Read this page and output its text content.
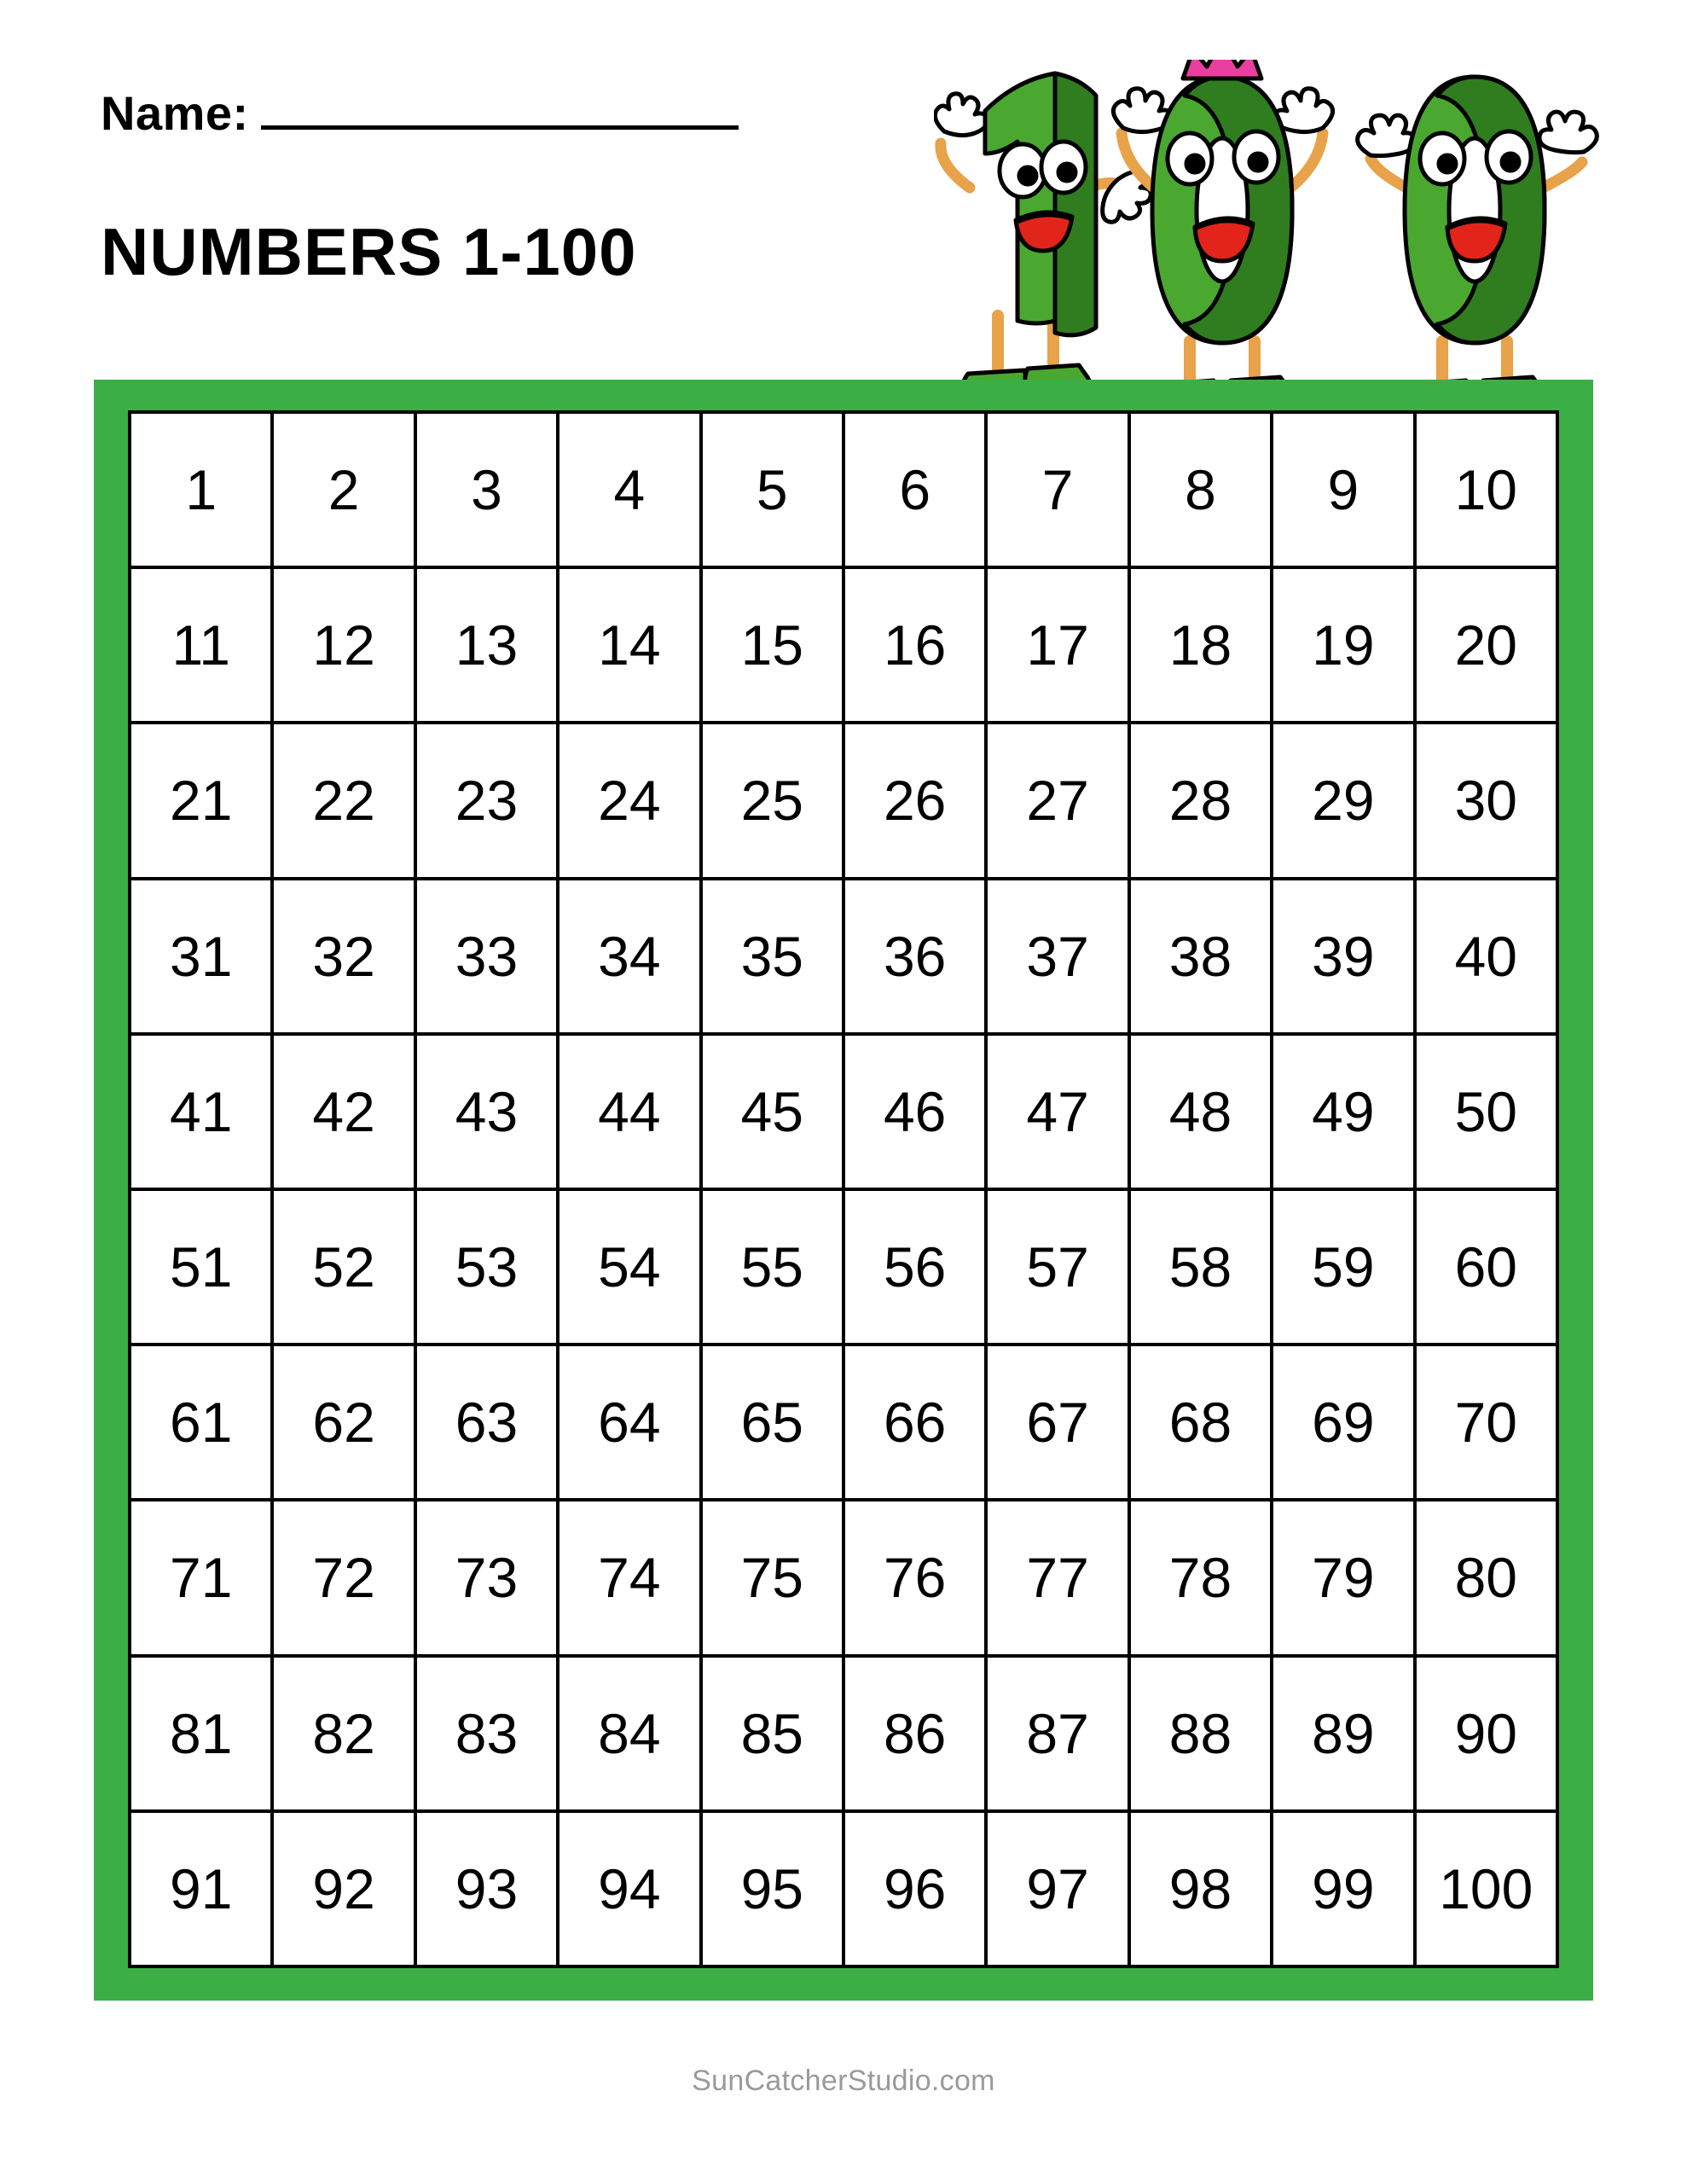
Name:
NUMBERS 1-100
1	2	3	4	5	6	7	8	9	10
11	12	13	14	15	16	17	18	19	20
21	22	23	24	25	26	27	28	29	30
31	32	33	34	35	36	37	38	39	40
41	42	43	44	45	46	47	48	49	50
51	52	53	54	55	56	57	58	59	60
61	62	63	64	65	66	67	68	69	70
71	72	73	74	75	76	77	78	79	80
81	82	83	84	85	86	87	88	89	90
91	92	93	94	95	96	97	98	99	100
SunCatcherStudio.com
